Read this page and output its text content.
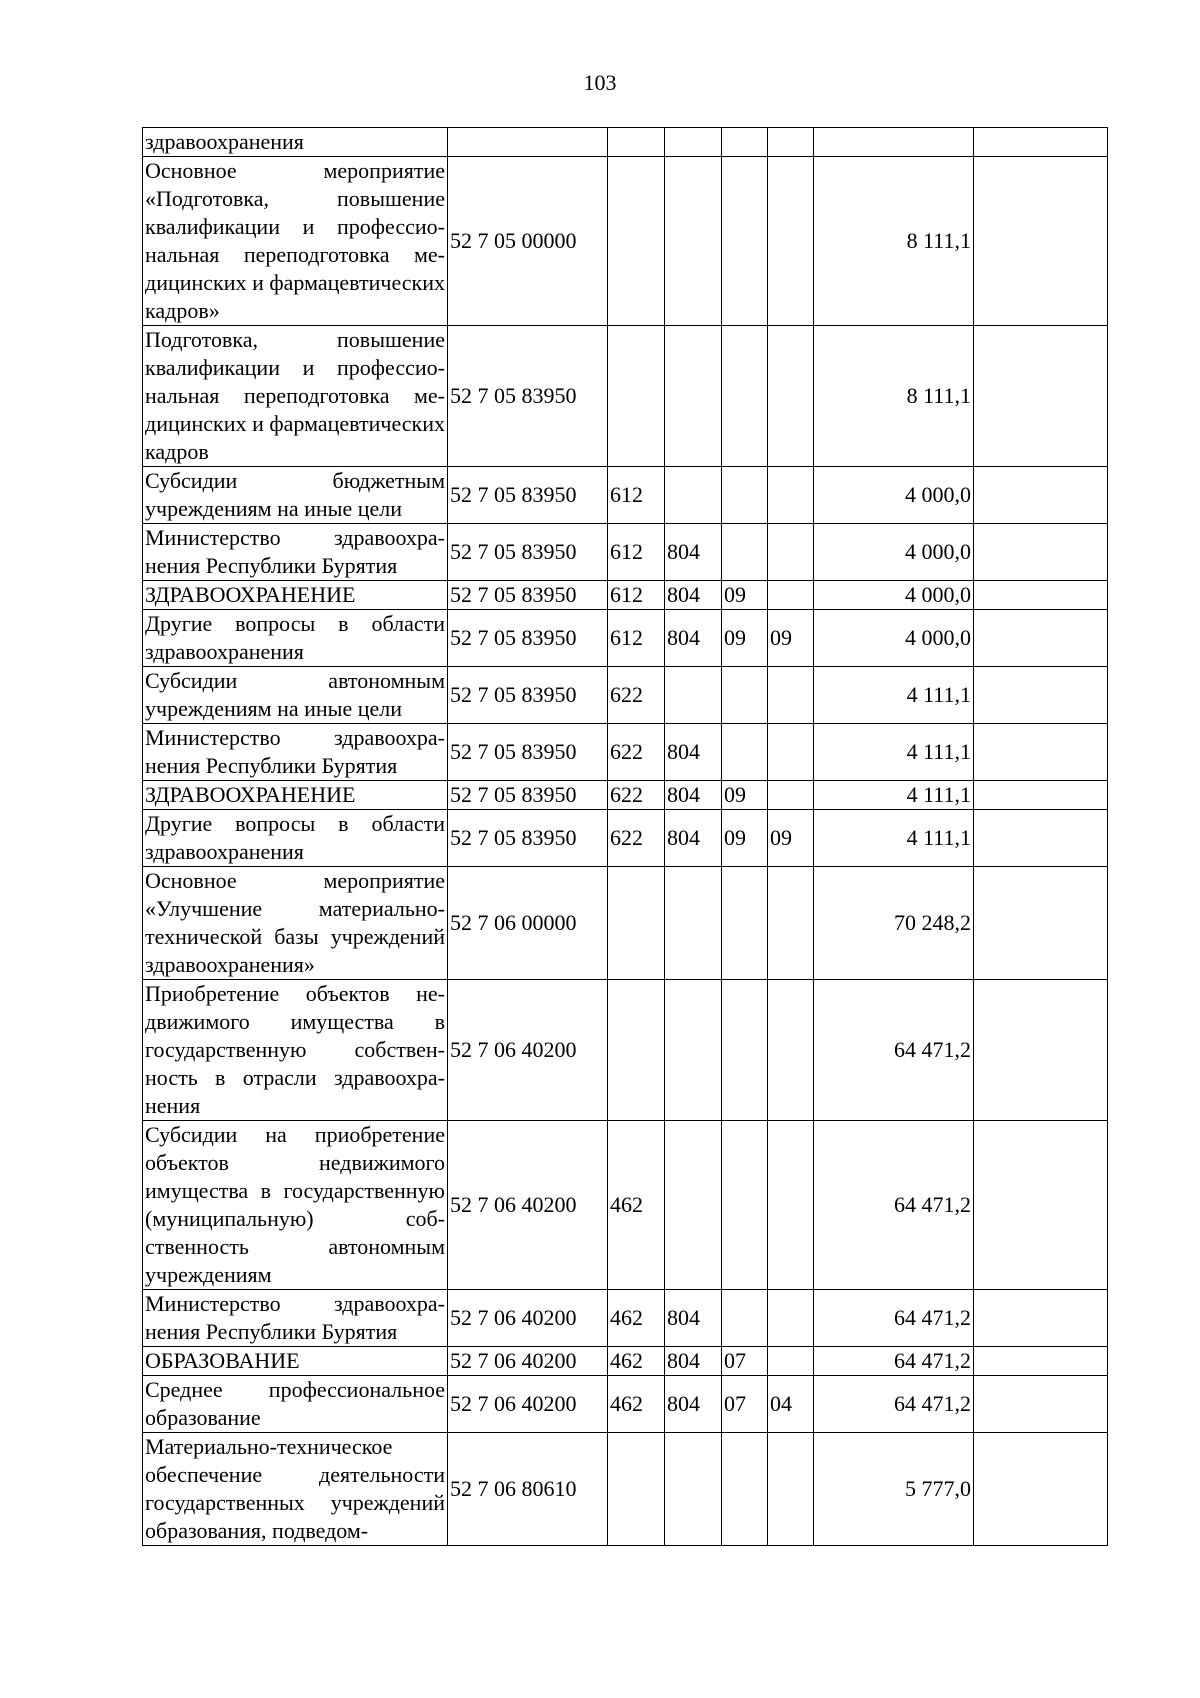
103
здравоохранения							
Основное мероприятие «Подготовка, повышение квалификации и профессиональная переподготовка медицинских и фармацевтических кадров»	52 7 05 00000					8 111,1	
Подготовка, повышение квалификации и профессиональная переподготовка медицинских и фармацевтических кадров	52 7 05 83950					8 111,1	
Субсидии бюджетным учреждениям на иные цели	52 7 05 83950	612				4 000,0	
Министерство здравоохранения Республики Бурятия	52 7 05 83950	612	804			4 000,0	
ЗДРАВООХРАНЕНИЕ	52 7 05 83950	612	804	09		4 000,0	
Другие вопросы в области здравоохранения	52 7 05 83950	612	804	09	09	4 000,0	
Субсидии автономным учреждениям на иные цели	52 7 05 83950	622				4 111,1	
Министерство здравоохранения Республики Бурятия	52 7 05 83950	622	804			4 111,1	
ЗДРАВООХРАНЕНИЕ	52 7 05 83950	622	804	09		4 111,1	
Другие вопросы в области здравоохранения	52 7 05 83950	622	804	09	09	4 111,1	
Основное мероприятие «Улучшение материально-технической базы учреждений здравоохранения»	52 7 06 00000					70 248,2	
Приобретение объектов недвижимого имущества в государственную собственность в отрасли здравоохранения	52 7 06 40200					64 471,2	
Субсидии на приобретение объектов недвижимого имущества в государственную (муниципальную) собственность автономным учреждениям	52 7 06 40200	462				64 471,2	
Министерство здравоохранения Республики Бурятия	52 7 06 40200	462	804			64 471,2	
ОБРАЗОВАНИЕ	52 7 06 40200	462	804	07		64 471,2	
Среднее профессиональное образование	52 7 06 40200	462	804	07	04	64 471,2	
Материально-техническое обеспечение деятельности государственных учреждений образования, подведом-	52 7 06 80610					5 777,0	
